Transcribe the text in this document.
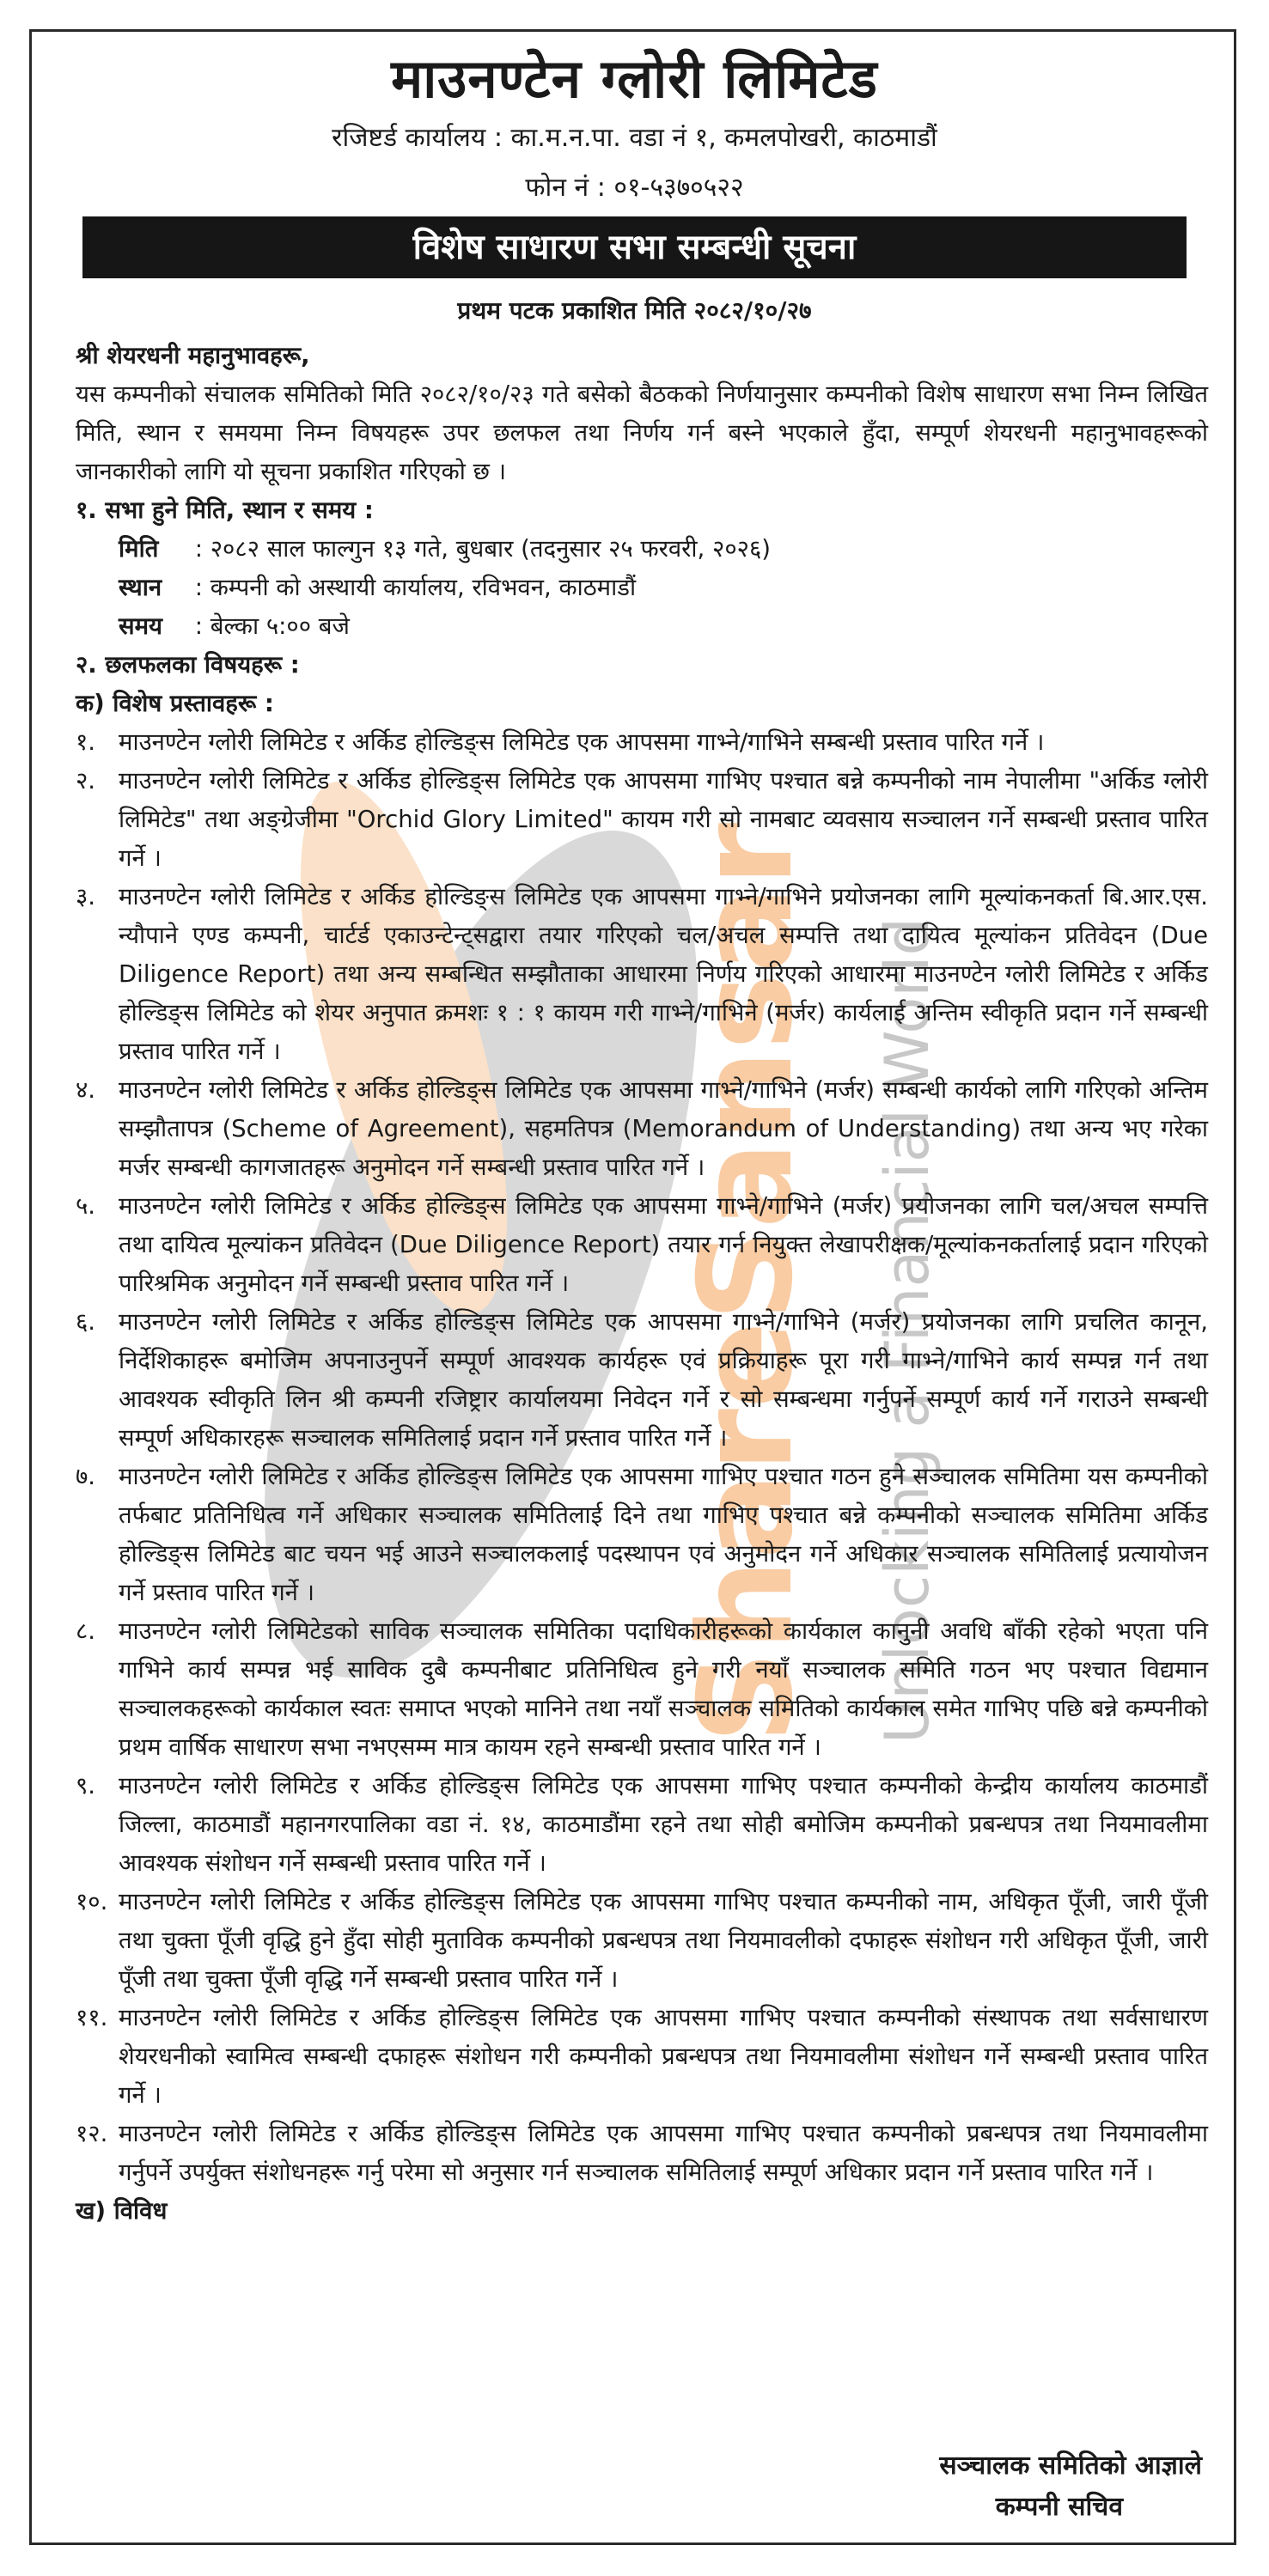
ShareSansar Unlocking a Financial World
माउनण्टेन ग्लोरी लिमिटेड
रजिष्टर्ड कार्यालय : का.म.न.पा. वडा नं १, कमलपोखरी, काठमाडौं
फोन नं : ०१-५३७०५२२
विशेष साधारण सभा सम्बन्धी सूचना
प्रथम पटक प्रकाशित मिति २०८२/१०/२७
श्री शेयरधनी महानुभावहरू,
यस कम्पनीको संचालक समितिको मिति २०८२/१०/२३ गते बसेको बैठकको निर्णयानुसार कम्पनीको विशेष साधारण सभा निम्न लिखित मिति, स्थान र समयमा निम्न विषयहरू उपर छलफल तथा निर्णय गर्न बस्ने भएकाले हुँदा, सम्पूर्ण शेयरधनी महानुभावहरूको जानकारीको लागि यो सूचना प्रकाशित गरिएको छ ।
१. सभा हुने मिति, स्थान र समय :
मिति : २०८२ साल फाल्गुन १३ गते, बुधबार (तदनुसार २५ फरवरी, २०२६)
स्थान : कम्पनी को अस्थायी कार्यालय, रविभवन, काठमाडौं
समय : बेल्का ५:०० बजे
२. छलफलका विषयहरू :
क) विशेष प्रस्तावहरू :
१. माउनण्टेन ग्लोरी लिमिटेड र अर्किड होल्डिङ्स लिमिटेड एक आपसमा गाभ्ने/गाभिने सम्बन्धी प्रस्ताव पारित गर्ने ।
२. माउनण्टेन ग्लोरी लिमिटेड र अर्किड होल्डिङ्स लिमिटेड एक आपसमा गाभिए पश्चात बन्ने कम्पनीको नाम नेपालीमा "अर्किड ग्लोरी लिमिटेड" तथा अङ्ग्रेजीमा "Orchid Glory Limited" कायम गरी सो नामबाट व्यवसाय सञ्चालन गर्ने सम्बन्धी प्रस्ताव पारित गर्ने ।
३. माउनण्टेन ग्लोरी लिमिटेड र अर्किड होल्डिङ्स लिमिटेड एक आपसमा गाभ्ने/गाभिने प्रयोजनका लागि मूल्यांकनकर्ता बि.आर.एस. न्यौपाने एण्ड कम्पनी, चार्टर्ड एकाउन्टेन्ट्सद्वारा तयार गरिएको चल/अचल सम्पत्ति तथा दायित्व मूल्यांकन प्रतिवेदन (Due Diligence Report) तथा अन्य सम्बन्धित सम्झौताका आधारमा निर्णय गरिएको आधारमा माउनण्टेन ग्लोरी लिमिटेड र अर्किड होल्डिङ्स लिमिटेड को शेयर अनुपात क्रमशः १ : १ कायम गरी गाभ्ने/गाभिने (मर्जर) कार्यलाई अन्तिम स्वीकृति प्रदान गर्ने सम्बन्धी प्रस्ताव पारित गर्ने ।
४. माउनण्टेन ग्लोरी लिमिटेड र अर्किड होल्डिङ्स लिमिटेड एक आपसमा गाभ्ने/गाभिने (मर्जर) सम्बन्धी कार्यको लागि गरिएको अन्तिम सम्झौतापत्र (Scheme of Agreement), सहमतिपत्र (Memorandum of Understanding) तथा अन्य भए गरेका मर्जर सम्बन्धी कागजातहरू अनुमोदन गर्ने सम्बन्धी प्रस्ताव पारित गर्ने ।
५. माउनण्टेन ग्लोरी लिमिटेड र अर्किड होल्डिङ्स लिमिटेड एक आपसमा गाभ्ने/गाभिने (मर्जर) प्रयोजनका लागि चल/अचल सम्पत्ति तथा दायित्व मूल्यांकन प्रतिवेदन (Due Diligence Report) तयार गर्न नियुक्त लेखापरीक्षक/मूल्यांकनकर्तालाई प्रदान गरिएको पारिश्रमिक अनुमोदन गर्ने सम्बन्धी प्रस्ताव पारित गर्ने ।
६. माउनण्टेन ग्लोरी लिमिटेड र अर्किड होल्डिङ्स लिमिटेड एक आपसमा गाभ्ने/गाभिने (मर्जर) प्रयोजनका लागि प्रचलित कानून, निर्देशिकाहरू बमोजिम अपनाउनुपर्ने सम्पूर्ण आवश्यक कार्यहरू एवं प्रक्रियाहरू पूरा गरी गाभ्ने/गाभिने कार्य सम्पन्न गर्न तथा आवश्यक स्वीकृति लिन श्री कम्पनी रजिष्ट्रार कार्यालयमा निवेदन गर्ने र सो सम्बन्धमा गर्नुपर्ने सम्पूर्ण कार्य गर्ने गराउने सम्बन्धी सम्पूर्ण अधिकारहरू सञ्चालक समितिलाई प्रदान गर्ने प्रस्ताव पारित गर्ने ।
७. माउनण्टेन ग्लोरी लिमिटेड र अर्किड होल्डिङ्स लिमिटेड एक आपसमा गाभिए पश्चात गठन हुने सञ्चालक समितिमा यस कम्पनीको तर्फबाट प्रतिनिधित्व गर्ने अधिकार सञ्चालक समितिलाई दिने तथा गाभिए पश्चात बन्ने कम्पनीको सञ्चालक समितिमा अर्किड होल्डिङ्स लिमिटेड बाट चयन भई आउने सञ्चालकलाई पदस्थापन एवं अनुमोदन गर्ने अधिकार सञ्चालक समितिलाई प्रत्यायोजन गर्ने प्रस्ताव पारित गर्ने ।
८. माउनण्टेन ग्लोरी लिमिटेडको साविक सञ्चालक समितिका पदाधिकारीहरूको कार्यकाल कानुनी अवधि बाँकी रहेको भएता पनि गाभिने कार्य सम्पन्न भई साविक दुबै कम्पनीबाट प्रतिनिधित्व हुने गरी नयाँ सञ्चालक समिति गठन भए पश्चात विद्यमान सञ्चालकहरूको कार्यकाल स्वतः समाप्त भएको मानिने तथा नयाँ सञ्चालक समितिको कार्यकाल समेत गाभिए पछि बन्ने कम्पनीको प्रथम वार्षिक साधारण सभा नभएसम्म मात्र कायम रहने सम्बन्धी प्रस्ताव पारित गर्ने ।
९. माउनण्टेन ग्लोरी लिमिटेड र अर्किड होल्डिङ्स लिमिटेड एक आपसमा गाभिए पश्चात कम्पनीको केन्द्रीय कार्यालय काठमाडौं जिल्ला, काठमाडौं महानगरपालिका वडा नं. १४, काठमाडौंमा रहने तथा सोही बमोजिम कम्पनीको प्रबन्धपत्र तथा नियमावलीमा आवश्यक संशोधन गर्ने सम्बन्धी प्रस्ताव पारित गर्ने ।
१०. माउनण्टेन ग्लोरी लिमिटेड र अर्किड होल्डिङ्स लिमिटेड एक आपसमा गाभिए पश्चात कम्पनीको नाम, अधिकृत पूँजी, जारी पूँजी तथा चुक्ता पूँजी वृद्धि हुने हुँदा सोही मुताविक कम्पनीको प्रबन्धपत्र तथा नियमावलीको दफाहरू संशोधन गरी अधिकृत पूँजी, जारी पूँजी तथा चुक्ता पूँजी वृद्धि गर्ने सम्बन्धी प्रस्ताव पारित गर्ने ।
११. माउनण्टेन ग्लोरी लिमिटेड र अर्किड होल्डिङ्स लिमिटेड एक आपसमा गाभिए पश्चात कम्पनीको संस्थापक तथा सर्वसाधारण शेयरधनीको स्वामित्व सम्बन्धी दफाहरू संशोधन गरी कम्पनीको प्रबन्धपत्र तथा नियमावलीमा संशोधन गर्ने सम्बन्धी प्रस्ताव पारित गर्ने ।
१२. माउनण्टेन ग्लोरी लिमिटेड र अर्किड होल्डिङ्स लिमिटेड एक आपसमा गाभिए पश्चात कम्पनीको प्रबन्धपत्र तथा नियमावलीमा गर्नुपर्ने उपर्युक्त संशोधनहरू गर्नु परेमा सो अनुसार गर्न सञ्चालक समितिलाई सम्पूर्ण अधिकार प्रदान गर्ने प्रस्ताव पारित गर्ने ।
ख) विविध
सञ्चालक समितिको आज्ञाले
कम्पनी सचिव
